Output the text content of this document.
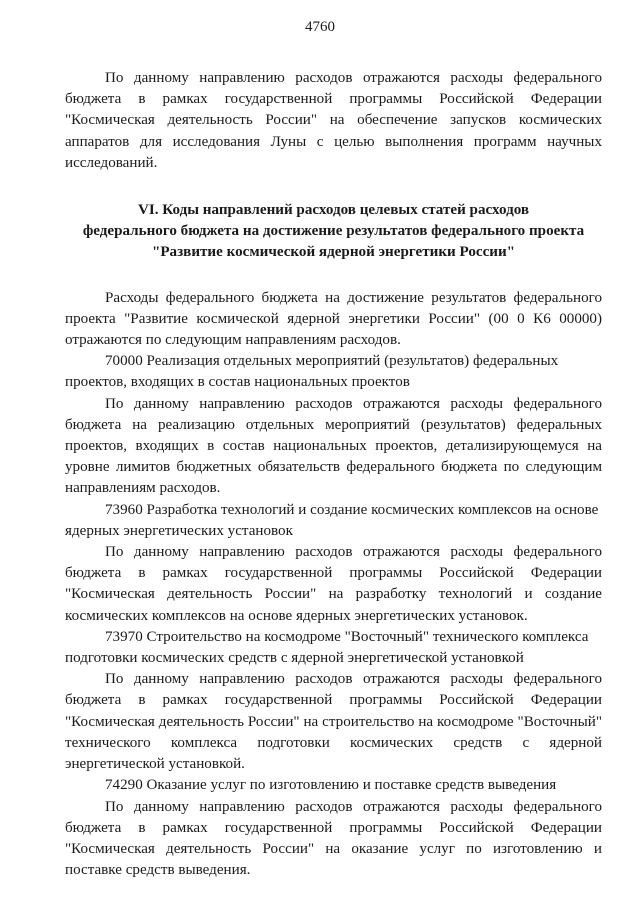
4760

По данному направлению расходов отражаются расходы федерального бюджета в рамках государственной программы Российской Федерации "Космическая деятельность России" на обеспечение запусков космических аппаратов для исследования Луны с целью выполнения программ научных исследований.

VI. Коды направлений расходов целевых статей расходов
федерального бюджета на достижение результатов федерального проекта
"Развитие космической ядерной энергетики России"

Расходы федерального бюджета на достижение результатов федерального проекта "Развитие космической ядерной энергетики России" (00 0 К6 00000) отражаются по следующим направлениям расходов.

70000 Реализация отдельных мероприятий (результатов) федеральных проектов, входящих в состав национальных проектов

По данному направлению расходов отражаются расходы федерального бюджета на реализацию отдельных мероприятий (результатов) федеральных проектов, входящих в состав национальных проектов, детализирующемуся на уровне лимитов бюджетных обязательств федерального бюджета по следующим направлениям расходов.

73960 Разработка технологий и создание космических комплексов на основе ядерных энергетических установок

По данному направлению расходов отражаются расходы федерального бюджета в рамках государственной программы Российской Федерации "Космическая деятельность России" на разработку технологий и создание космических комплексов на основе ядерных энергетических установок.

73970 Строительство на космодроме "Восточный" технического комплекса подготовки космических средств с ядерной энергетической установкой

По данному направлению расходов отражаются расходы федерального бюджета в рамках государственной программы Российской Федерации "Космическая деятельность России" на строительство на космодроме "Восточный" технического комплекса подготовки космических средств с ядерной энергетической установкой.

74290 Оказание услуг по изготовлению и поставке средств выведения

По данному направлению расходов отражаются расходы федерального бюджета в рамках государственной программы Российской Федерации "Космическая деятельность России" на оказание услуг по изготовлению и поставке средств выведения.
